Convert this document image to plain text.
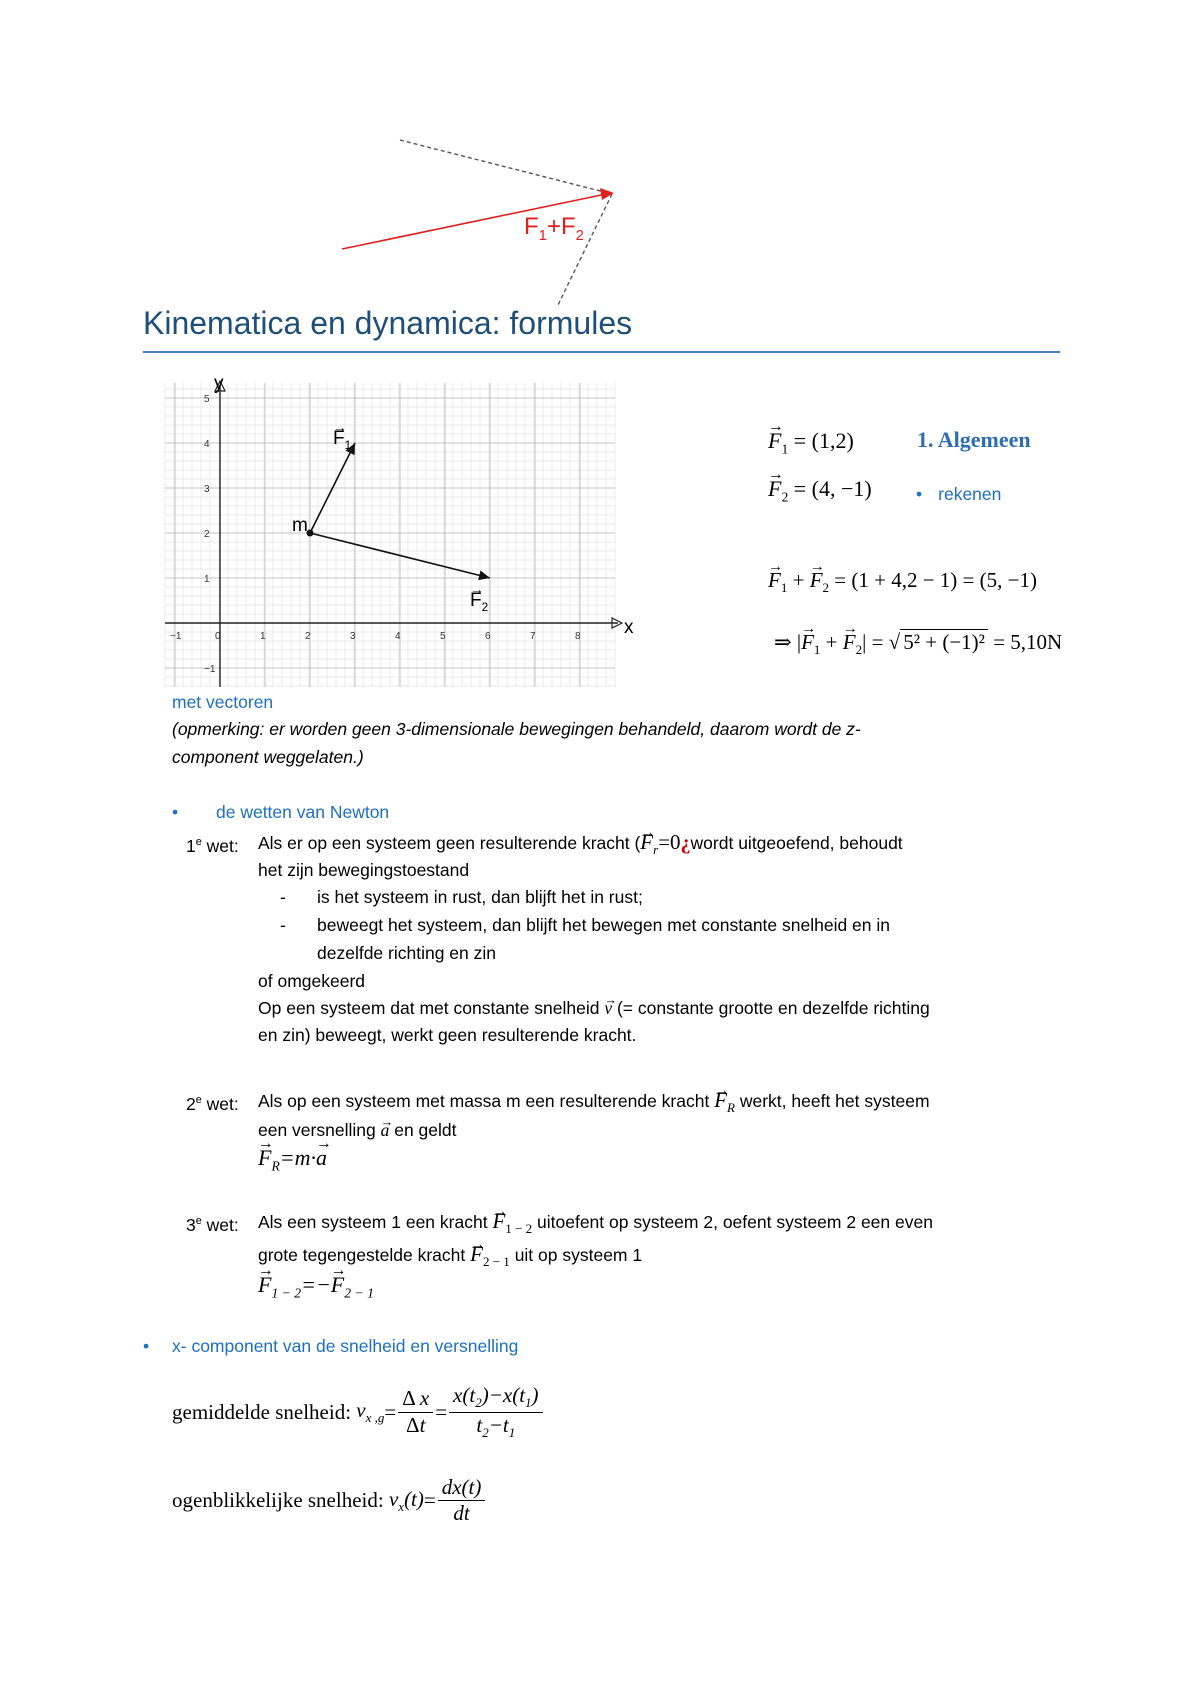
$F_1+F_2$
Kinematica en dynamica: formules
−1	0	1	2	3	4	5	6	7	8
−1
1
2
3
4
5
x
y
m
→ $F_1$
→ $F_2$
→ $F_1 = (1,2)$
→ $F_2 = (4$, −1)
1. Algemeen
• rekenen
→ $F_1$ + → $F_2 = (1 + 4,2 - 1) = (5$, −1)
⇒ |→ $F_1$ + → $F_2|$ = √ 5² + (−1)² = 5,10N
met vectoren
(opmerking: er worden geen 3-dimensionale bewegingen behandeld, daarom wordt de z-
component weggelaten.)
• de wetten van Newton
1e wet: Als er op een systeem geen resulterende kracht (→ $F_r=0¿wordt$ uitgeoefend, behoudt
het zijn bewegingstoestand
- is het systeem in rust, dan blijft het in rust;
- beweegt het systeem, dan blijft het bewegen met constante snelheid en in
dezelfde richting en zin
of omgekeerd
Op een systeem dat met constante snelheid → v (= constante grootte en dezelfde richting
en zin) beweegt, werkt geen resulterende kracht.
2e wet: Als op een systeem met massa m een resulterende kracht → $F_R$ werkt, heeft het systeem
een versnelling → a en geldt
→ $F_R=m\cdot\to a$
3e wet: Als een systeem 1 een kracht → $F_{1 - 2}$ uitoefent op systeem 2, oefent systeem 2 een even
grote tegengestelde kracht → $F_{2 - 1}$ uit op systeem 1
→ $F_{1 - 2}=-\to F_{2 - 1}$
• x- component van de snelheid en versnelling
gemiddelde snelheid:
$v_{x ,g} = \frac{\text{Δ x}}{\Delta t} = \frac{x(t_2)-x(t_1)}{t_2-t_1}$
ogenblikkelijke snelheid:
$v_x(t) = \frac{dx(t)}{dt}$
